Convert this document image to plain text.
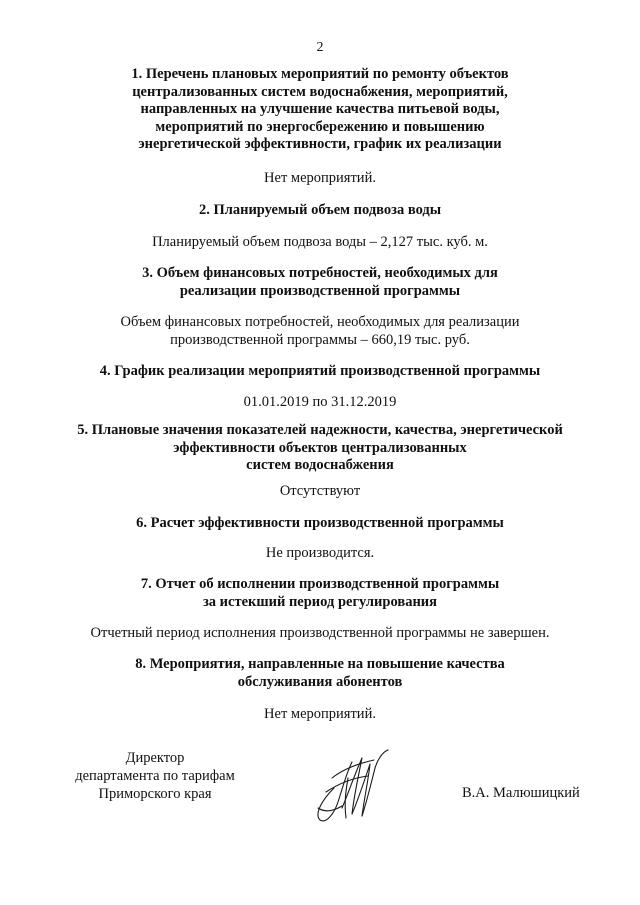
2
1. Перечень плановых мероприятий по ремонту объектов
централизованных систем водоснабжения, мероприятий,
направленных на улучшение качества питьевой воды,
мероприятий по энергосбережению и повышению
энергетической эффективности, график их реализации
Нет мероприятий.
2. Планируемый объем подвоза воды
Планируемый объем подвоза воды – 2,127 тыс. куб. м.
3. Объем финансовых потребностей, необходимых для
реализации производственной программы
Объем финансовых потребностей, необходимых для реализации
производственной программы – 660,19 тыс. руб.
4. График реализации мероприятий производственной программы
01.01.2019 по 31.12.2019
5. Плановые значения показателей надежности, качества, энергетической
эффективности объектов централизованных
систем водоснабжения
Отсутствуют
6. Расчет эффективности производственной программы
Не производится.
7. Отчет об исполнении производственной программы
за истекший период регулирования
Отчетный период исполнения производственной программы не завершен.
8. Мероприятия, направленные на повышение качества
обслуживания абонентов
Нет мероприятий.
Директор
департамента по тарифам
Приморского края	В.А. Малюшицкий
